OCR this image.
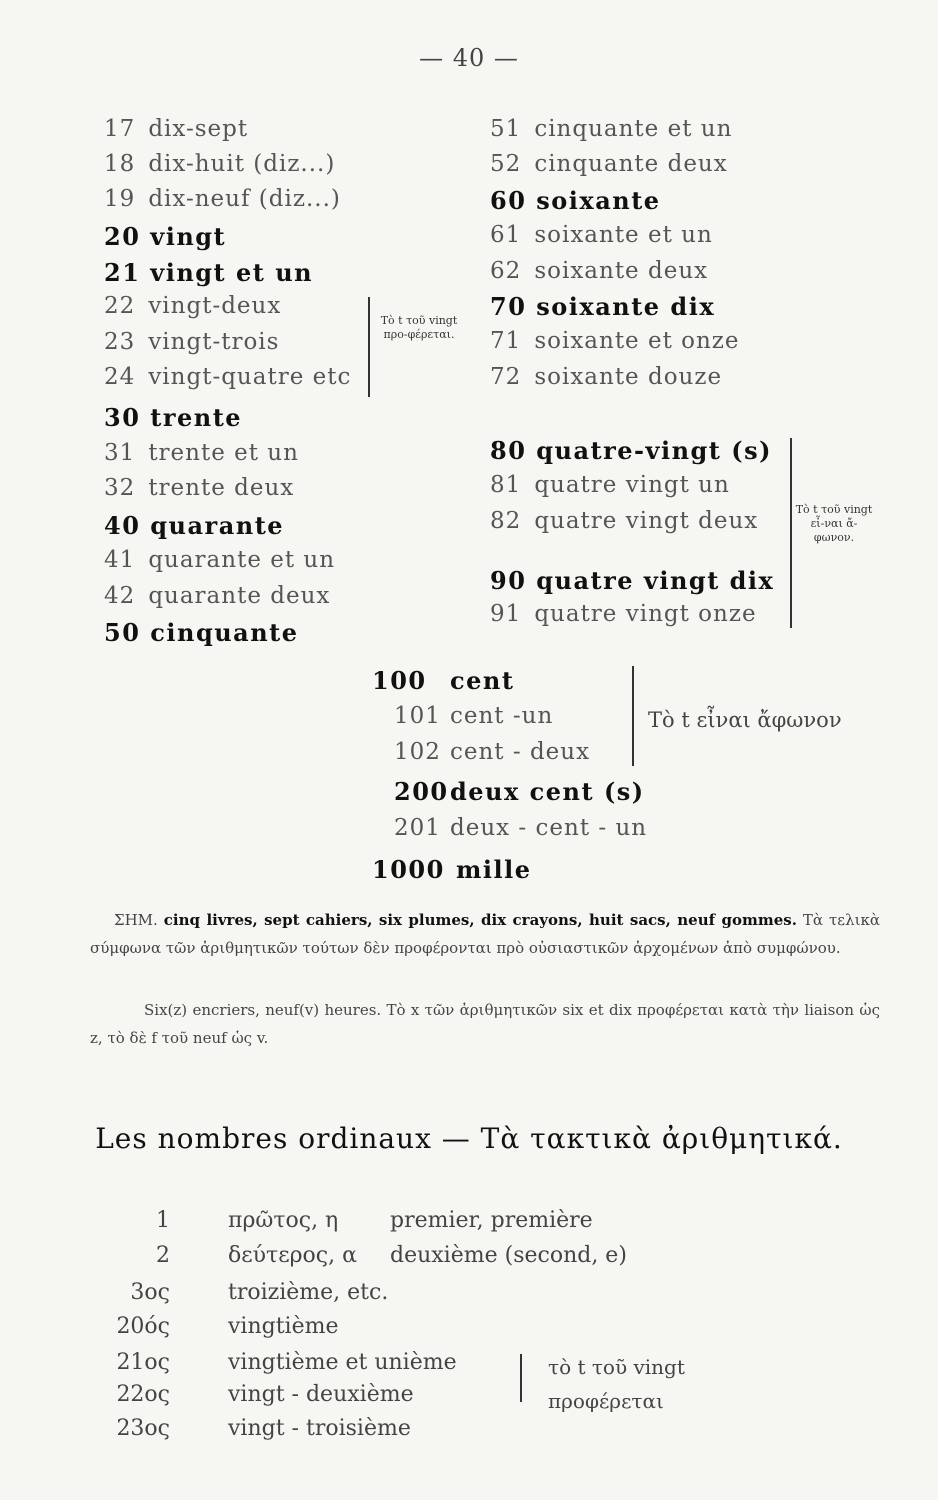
— 40 —
17 dix-sept
18 dix-huit (diz...)
19 dix-neuf (diz...)
20 vingt
21 vingt et un
22 vingt-deux
23 vingt-trois
24 vingt-quatre etc
30 trente
31 trente et un
32 trente deux
40 quarante
41 quarante et un
42 quarante deux
50 cinquante
Τὸ t τοῦ vingt προ-φέρεται.
51 cinquante et un
52 cinquante deux
60 soixante
61 soixante et un
62 soixante deux
70 soixante dix
71 soixante et onze
72 soixante douze
80 quatre-vingt (s)
81 quatre vingt un
82 quatre vingt deux
90 quatre vingt dix
91 quatre vingt onze
Τὸ t τοῦ vingt εἶ-ναι ἄ-φωνον.
100 cent
101 cent -un
102 cent - deux
200deux cent (s)
201 deux - cent - un
1000 mille
Τὸ t εἶναι ἄφωνον
ΣΗΜ. cinq livres, sept cahiers, six plumes, dix crayons, huit sacs, neuf gommes. Τὰ τελικὰ σύμφωνα τῶν ἀριθμητικῶν τούτων δὲν προφέρονται πρὸ οὐσιαστικῶν ἀρχομένων ἀπὸ συμφώνου.
Six(z) encriers, neuf(v) heures. Τὸ x τῶν ἀριθμητικῶν six et dix προφέρεται κατὰ τὴν liaison ὡς z, τὸ δὲ f τοῦ neuf ὡς v.
Les nombres ordinaux — Τὰ τακτικὰ ἀριθμητικά.
1	πρῶτος, η premier, première
2	δεύτερος, α deuxième (second, e)
3ος	troizième, etc.
20ός	vingtième
21ος	vingtième et unième
22ος	vingt - deuxième
23ος	vingt - troisième
τὸ t τοῦ vingt προφέρεται
